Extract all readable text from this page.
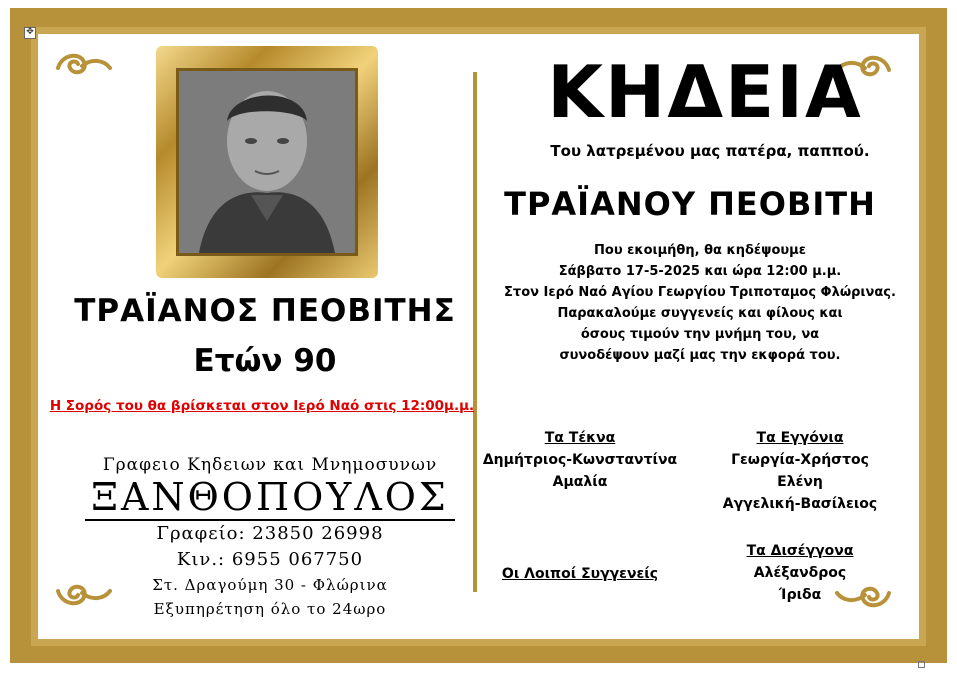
✥
ΚΗΔΕΙΑ
Του λατρεμένου μας πατέρα, παππού.
ΤΡΑΪΑΝΟΥ ΠΕΟΒΙΤΗ
Που εκοιμήθη, θα κηδέψουμε
Σάββατο 17-5-2025 και ώρα 12:00 μ.μ.
Στον Ιερό Ναό Αγίου Γεωργίου Τριποταμος Φλώρινας.
Παρακαλούμε συγγενείς και φίλους και
όσους τιμούν την μνήμη του, να
συνοδέψουν μαζί μας την εκφορά του.
ΤΡΑΪΑΝΟΣ ΠΕΟΒΙΤΗΣ
Ετών 90
Η Σορός του θα βρίσκεται στον Ιερό Ναό στις 12:00μ.μ.
Γραφειο Κηδειων και Μνημοσυνων
ΞΑΝΘΟΠΟΥΛΟΣ
Γραφείο: 23850 26998
Κιν.: 6955 067750
Στ. Δραγούμη 30 - Φλώρινα
Εξυπηρέτηση όλο το 24ωρο
Τα Τέκνα
Δημήτριος-Κωνσταντίνα
Αμαλία
Τα Εγγόνια
Γεωργία-Χρήστος
Ελένη
Αγγελική-Βασίλειος
Τα Δισέγγονα
Αλέξανδρος
Ίριδα
Οι Λοιποί Συγγενείς
